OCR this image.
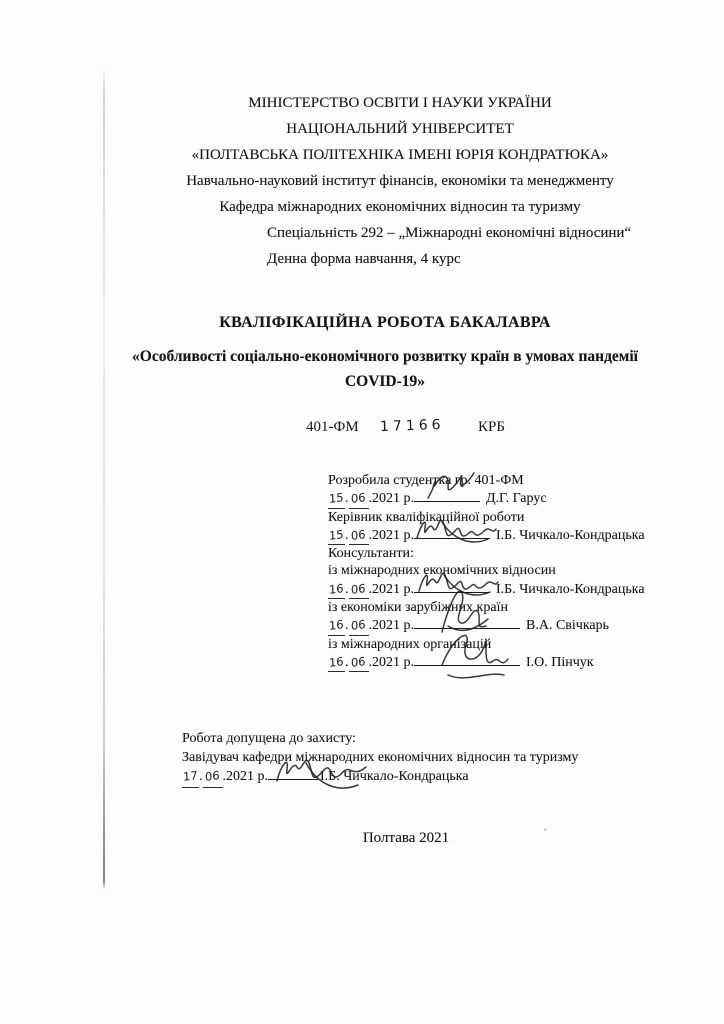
МІНІСТЕРСТВО ОСВІТИ І НАУКИ УКРАЇНИ
НАЦІОНАЛЬНИЙ УНІВЕРСИТЕТ
«ПОЛТАВСЬКА ПОЛІТЕХНІКА ІМЕНІ ЮРІЯ КОНДРАТЮКА»
Навчально-науковий інститут фінансів, економіки та менеджменту
Кафедра міжнародних економічних відносин та туризму
Спеціальність 292 – „Міжнародні економічні відносини“
Денна форма навчання, 4 курс
КВАЛІФІКАЦІЙНА РОБОТА БАКАЛАВРА
«Особливості соціально-економічного розвитку країн в умовах пандемії COVID-19»
401-ФМ 17166 КРБ
Розробила студентка гр. 401-ФМ
15. 06 .2021 р.	Д.Г. Гарус
Керівник кваліфікаційної роботи
15. 06 .2021 р.	І.Б. Чичкало-Кондрацька
Консультанти:
із міжнародних економічних відносин
16. 06 .2021 р.	І.Б. Чичкало-Кондрацька
із економіки зарубіжних країн
16. 06 .2021 р.	В.А. Свічкарь
із міжнародних організацій
16. 06 .2021 р.	І.О. Пінчук
Робота допущена до захисту:
Завідувач кафедри міжнародних економічних відносин та туризму
17. 06 .2021 р.	І.Б. Чичкало-Кондрацька
Полтава 2021
